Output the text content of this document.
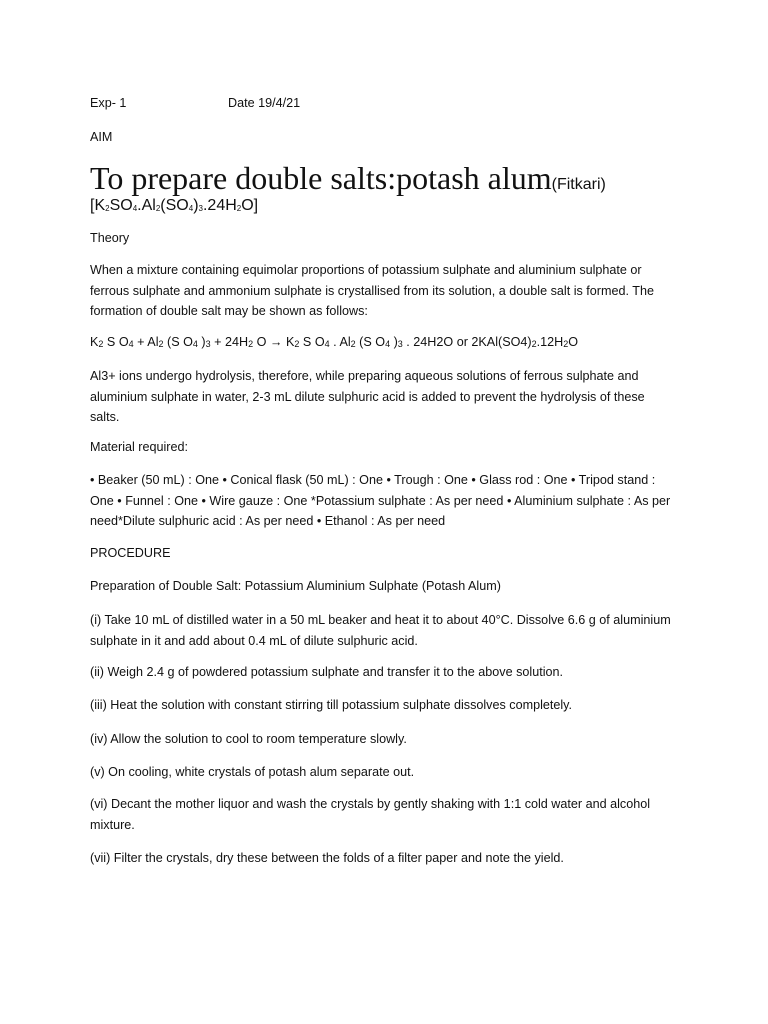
Exp- 1	Date 19/4/21
AIM
To prepare double salts:potash alum(Fitkari)
$[K_2SO_4.Al_2(SO_4)_3.24H_2O]$
Theory
When a mixture containing equimolar proportions of potassium sulphate and aluminium sulphate or
ferrous sulphate and ammonium sulphate is crystallised from its solution, a double salt is formed. The
formation of double salt may be shown as follows:
$K_2$ S $O_4 + Al_2$ (S $O_4$ )$_3 + 24H_2$ $O \to K_2$ S $O_4$ . $Al_2$ (S $O_4$ )$_3$ . 24H2O or $2KAl(SO4)_2.12H_2O$
Al3+ ions undergo hydrolysis, therefore, while preparing aqueous solutions of ferrous sulphate and
aluminium sulphate in water, 2-3 mL dilute sulphuric acid is added to prevent the hydrolysis of these
salts.
Material required:
• Beaker (50 mL) : One • Conical flask (50 mL) : One • Trough : One • Glass rod : One • Tripod stand :
One • Funnel : One • Wire gauze : One *Potassium sulphate : As per need • Aluminium sulphate : As per
need*Dilute sulphuric acid : As per need • Ethanol : As per need
PROCEDURE
Preparation of Double Salt: Potassium Aluminium Sulphate (Potash Alum)
(i) Take 10 mL of distilled water in a 50 mL beaker and heat it to about 40°C. Dissolve 6.6 g of aluminium
sulphate in it and add about 0.4 mL of dilute sulphuric acid.
(ii) Weigh 2.4 g of powdered potassium sulphate and transfer it to the above solution.
(iii) Heat the solution with constant stirring till potassium sulphate dissolves completely.
(iv) Allow the solution to cool to room temperature slowly.
(v) On cooling, white crystals of potash alum separate out.
(vi) Decant the mother liquor and wash the crystals by gently shaking with 1:1 cold water and alcohol
mixture.
(vii) Filter the crystals, dry these between the folds of a filter paper and note the yield.
